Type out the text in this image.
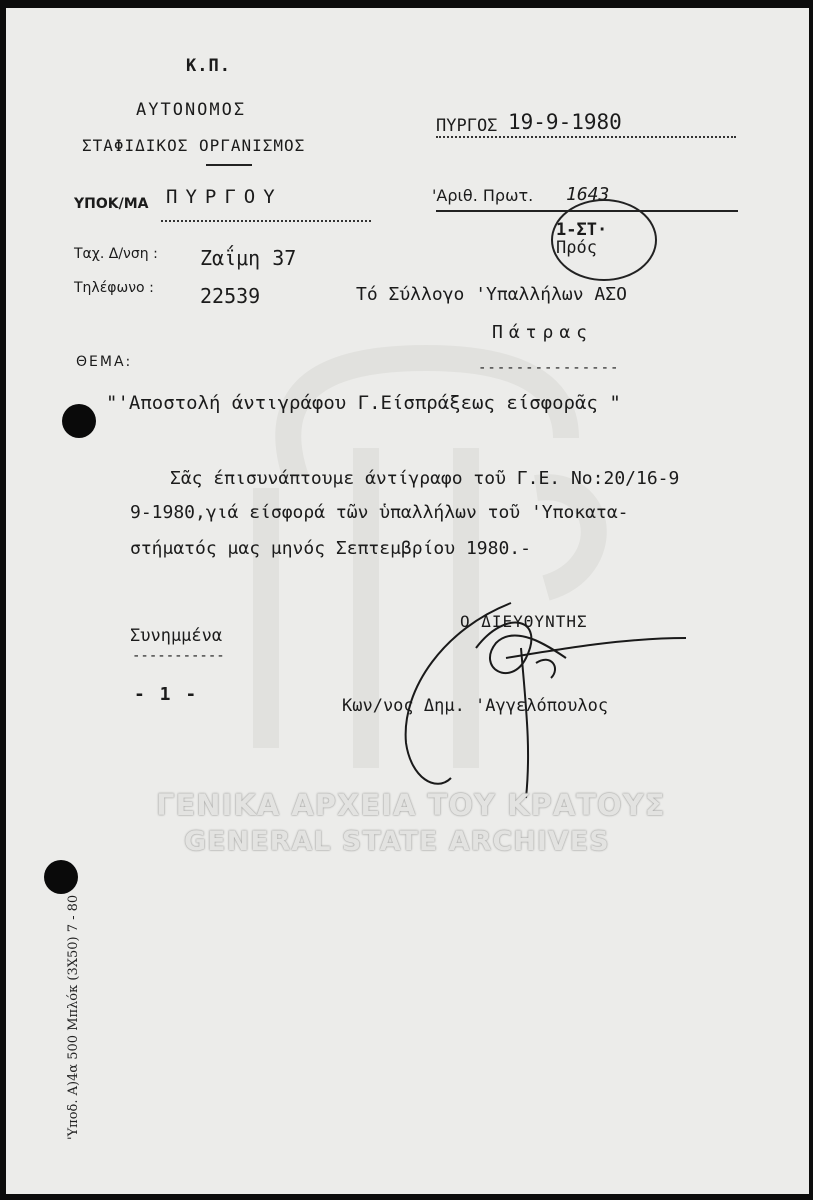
Κ.Π.
ΑΥΤΟΝΟΜΟΣ
ΣΤΑΦΙΔΙΚΟΣ ΟΡΓΑΝΙΣΜΟΣ
ΥΠΟΚ/ΜΑ ΠΥΡΓΟΥ
Ταχ. Δ/νση : Ζαΐμη 37
Τηλέφωνο : 22539
ΠΥΡΓΟΣ 19-9-1980
'Αριθ. Πρωτ. 1643
1-ΣΤ·
Πρός
Τό Σύλλογο 'Υπαλλήλων ΑΣΟ
Πάτρας
---------------
ΘΕΜΑ:
"'Αποστολή άντιγράφου Γ.Είσπράξεως είσφορᾶς "
Σᾶς έπισυνάπτουμε άντίγραφο τοῦ Γ.Ε. Νο:20/16-9
9-1980,γιά είσφορά τῶν ὑπαλλήλων τοῦ 'Υποκατα-
στήματός μας μηνός Σεπτεμβρίου 1980.-
Ο ΔΙΕΥΘΥΝΤΗΣ
Κων/νος Δημ. 'Αγγελόπουλος
Συνημμένα
-----------
- 1 -
ΓΕΝΙΚΑ ΑΡΧΕΙΑ ΤΟΥ ΚΡΑΤΟΥΣ
GENERAL STATE ARCHIVES
'Υποδ. Α)4α 500 Μπλόκ (3Χ50) 7 - 80
